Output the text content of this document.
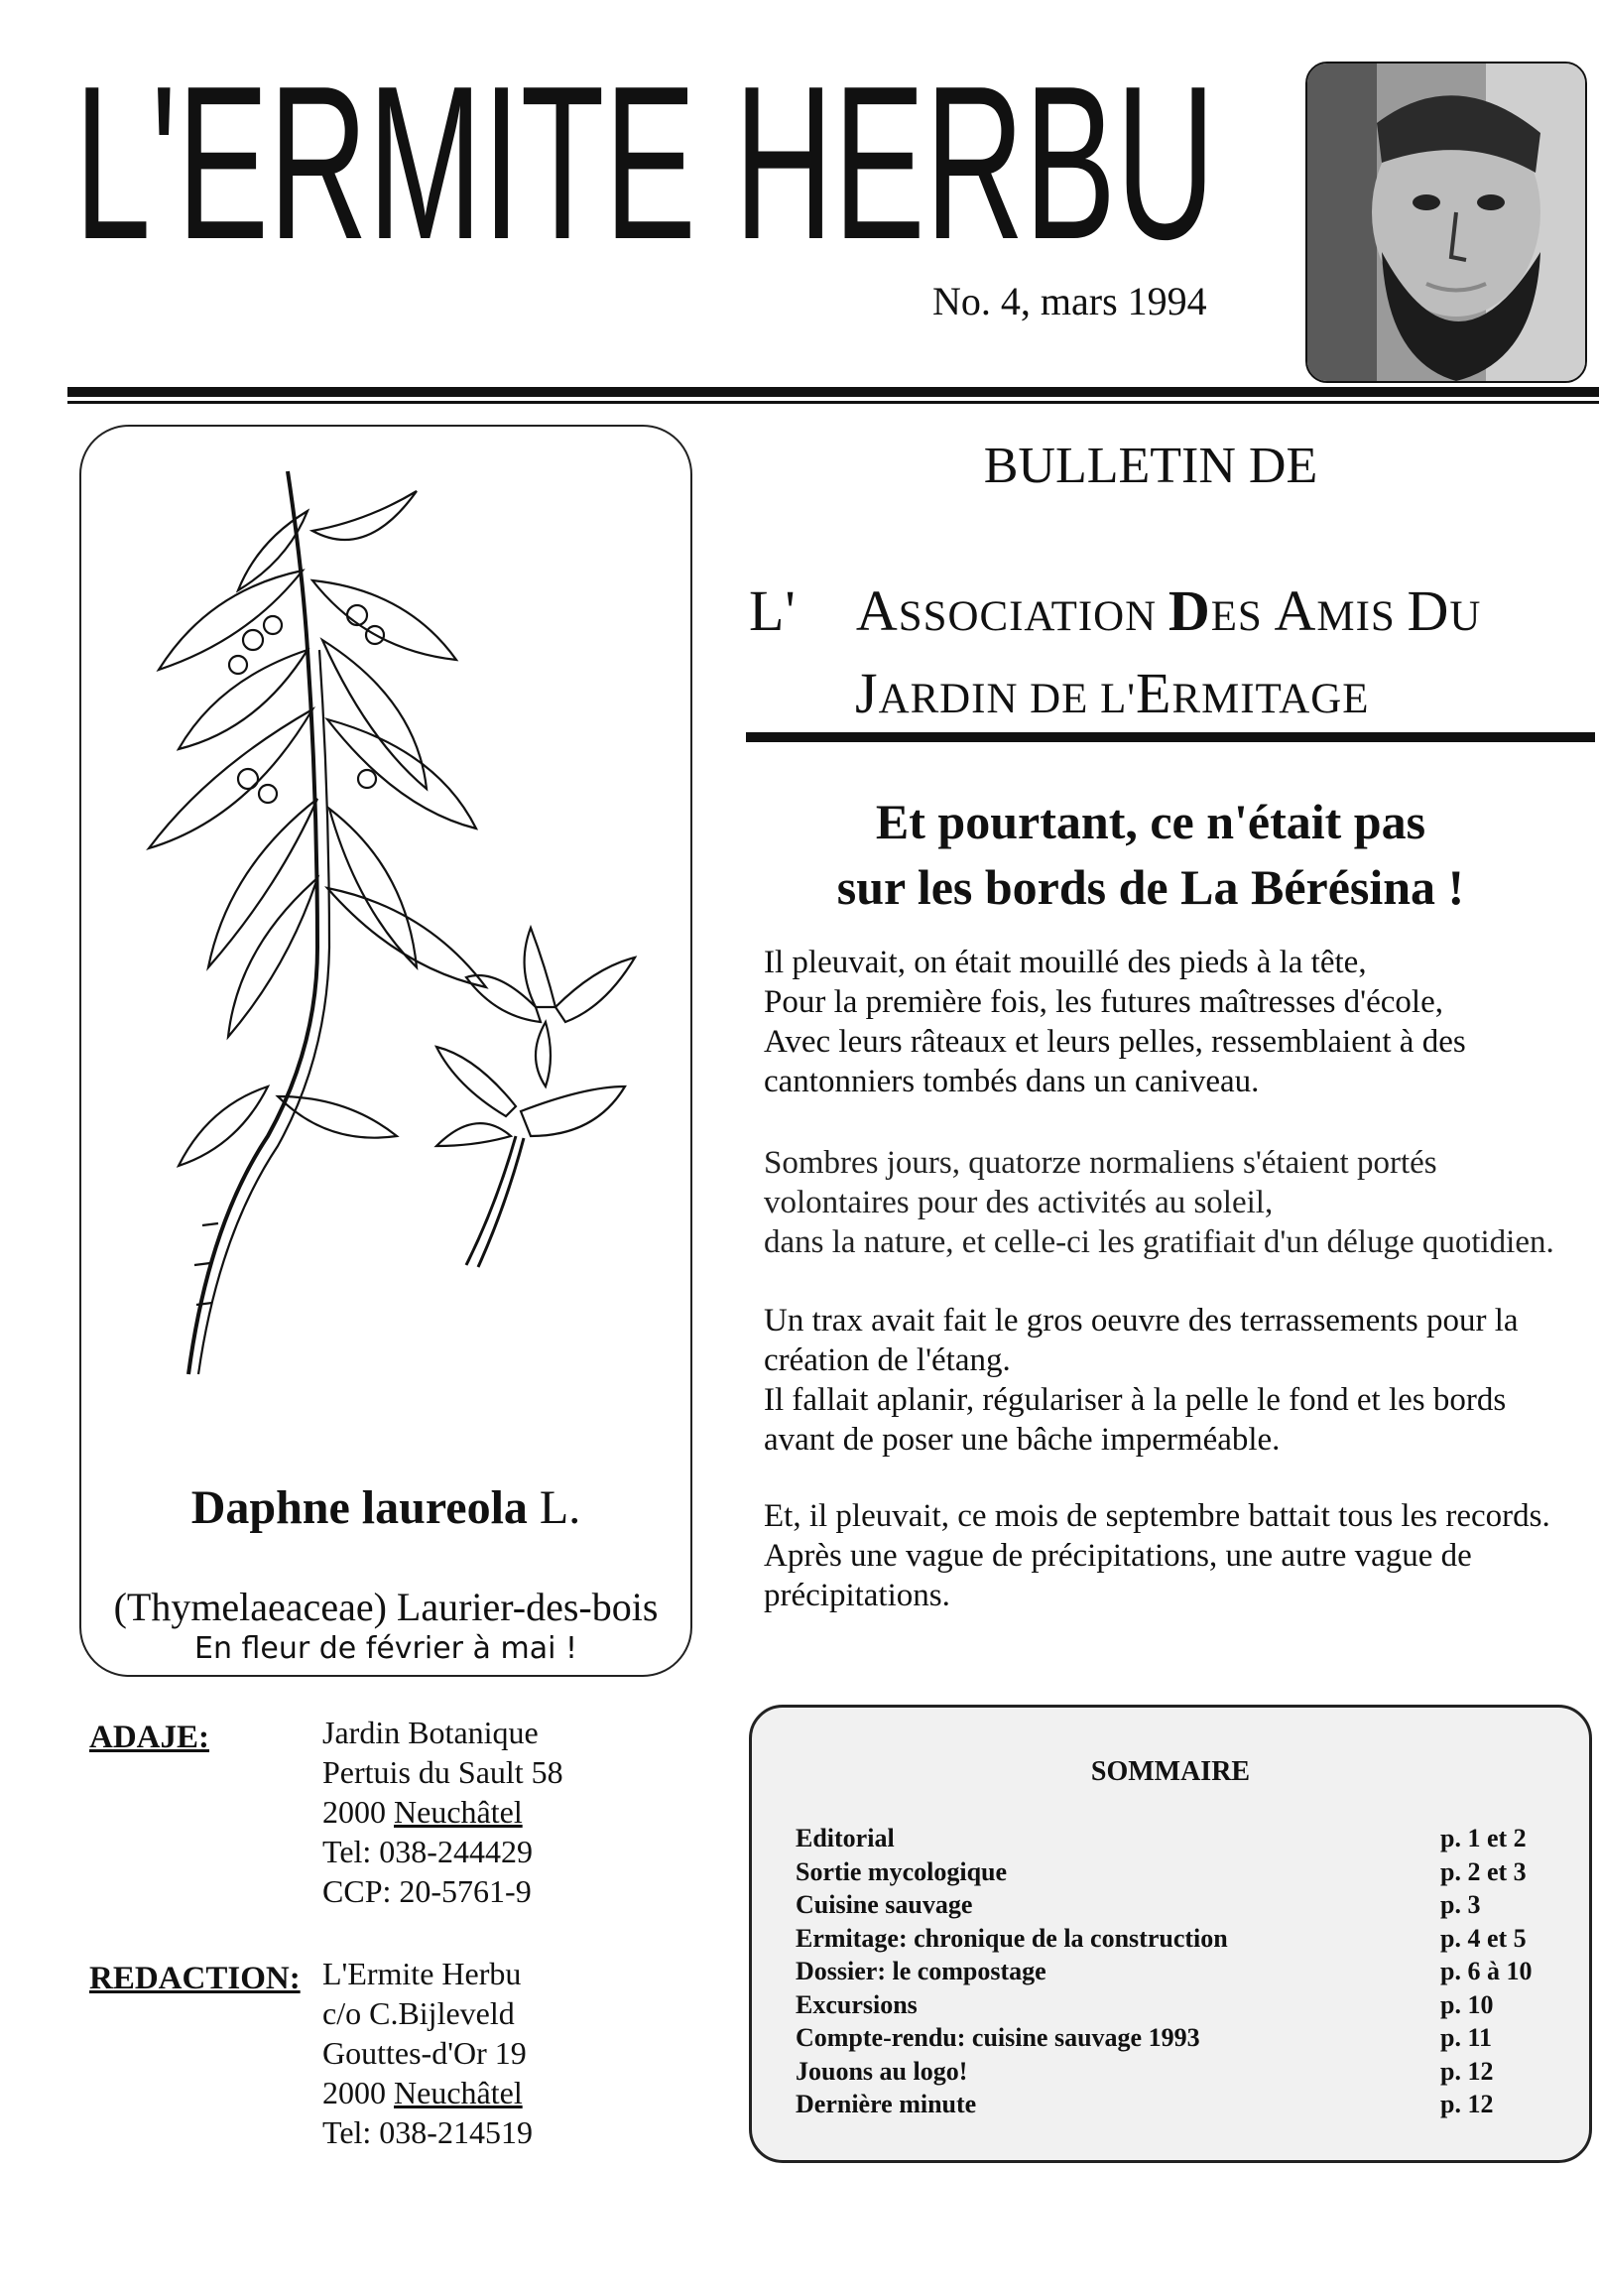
L'ERMITE HERBU
No. 4, mars 1994
Daphne laureola L.
(Thymelaeaceae) Laurier-des-bois
En fleur de février à mai !
BULLETIN DE
L' ASSOCIATION DES AMIS DU
JARDIN DE L'ERMITAGE
Et pourtant, ce n'était pas
sur les bords de La Bérésina !
Il pleuvait, on était mouillé des pieds à la tête,
Pour la première fois, les futures maîtresses d'école,
Avec leurs râteaux et leurs pelles, ressemblaient à des
cantonniers tombés dans un caniveau.
Sombres jours, quatorze normaliens s'étaient portés
volontaires pour des activités au soleil,
dans la nature, et celle-ci les gratifiait d'un déluge quotidien.
Un trax avait fait le gros oeuvre des terrassements pour la
création de l'étang.
Il fallait aplanir, régulariser à la pelle le fond et les bords
avant de poser une bâche imperméable.
Et, il pleuvait, ce mois de septembre battait tous les records.
Après une vague de précipitations, une autre vague de
précipitations.
ADAJE:	Jardin Botanique
Pertuis du Sault 58
2000 Neuchâtel
Tel: 038-244429
CCP: 20-5761-9
REDACTION: L'Ermite Herbu
c/o C.Bijleveld
Gouttes-d'Or 19
2000 Neuchâtel
Tel: 038-214519
SOMMAIRE
Editorial	p. 1 et 2
Sortie mycologique	p. 2 et 3
Cuisine sauvage	p. 3
Ermitage: chronique de la construction	p. 4 et 5
Dossier: le compostage	p. 6 à 10
Excursions	p. 10
Compte-rendu: cuisine sauvage 1993	p. 11
Jouons au logo!	p. 12
Dernière minute	p. 12
